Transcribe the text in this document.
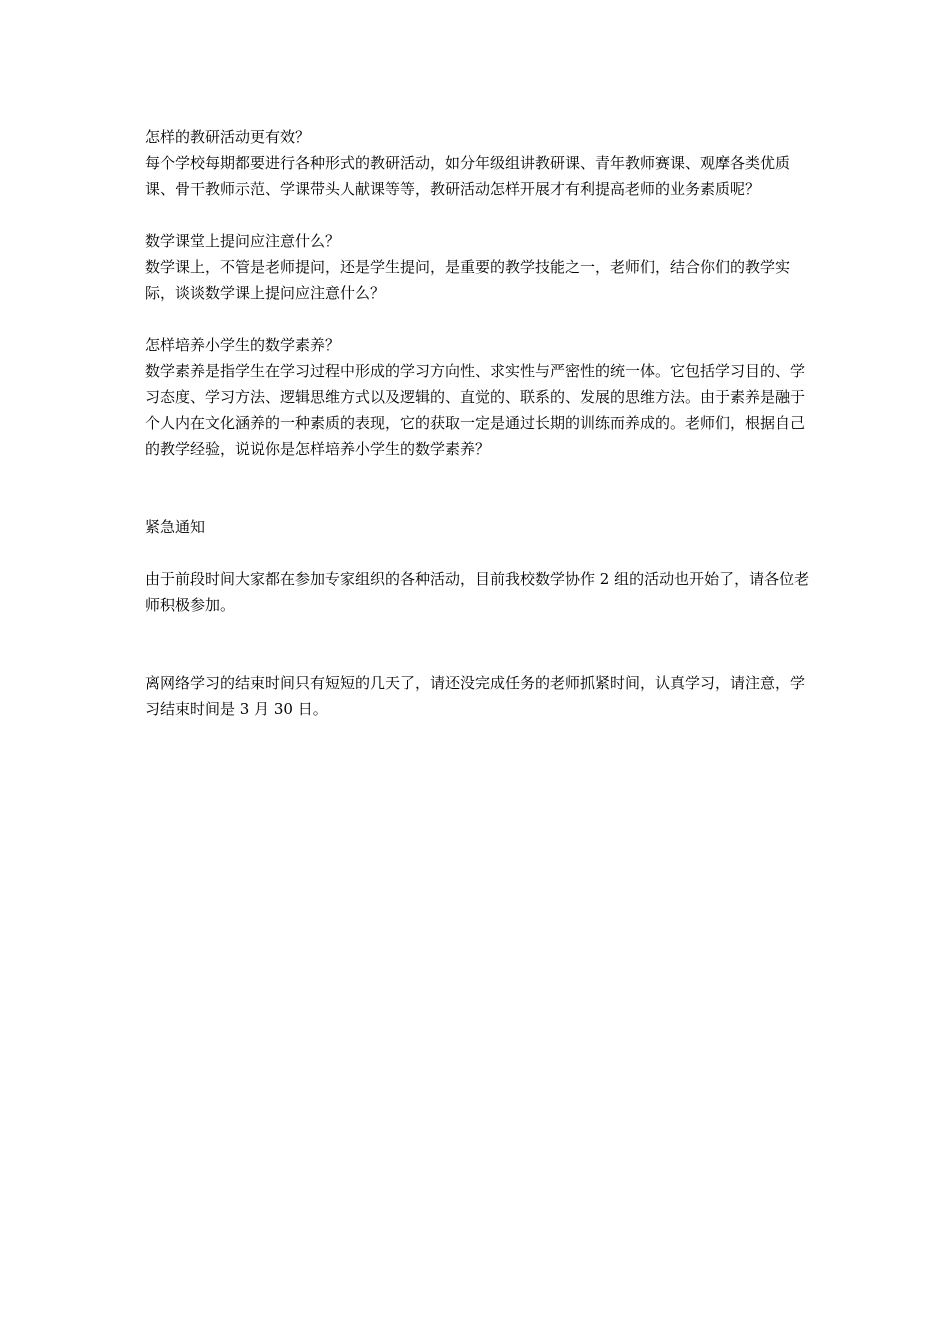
怎样的教研活动更有效？

每个学校每期都要进行各种形式的教研活动，如分年级组讲教研课、青年教师赛课、观摩各类优质课、骨干教师示范、学课带头人献课等等，教研活动怎样开展才有利提高老师的业务素质呢？

数学课堂上提问应注意什么？

数学课上，不管是老师提问，还是学生提问，是重要的教学技能之一，老师们，结合你们的教学实际，谈谈数学课上提问应注意什么？

怎样培养小学生的数学素养？

数学素养是指学生在学习过程中形成的学习方向性、求实性与严密性的统一体。它包括学习目的、学习态度、学习方法、逻辑思维方式以及逻辑的、直觉的、联系的、发展的思维方法。由于素养是融于个人内在文化涵养的一种素质的表现，它的获取一定是通过长期的训练而养成的。老师们，根据自己的教学经验，说说你是怎样培养小学生的数学素养？

紧急通知

由于前段时间大家都在参加专家组织的各种活动，目前我校数学协作 2 组的活动也开始了，请各位老师积极参加。

离网络学习的结束时间只有短短的几天了，请还没完成任务的老师抓紧时间，认真学习，请注意，学习结束时间是 3 月 30 日。
